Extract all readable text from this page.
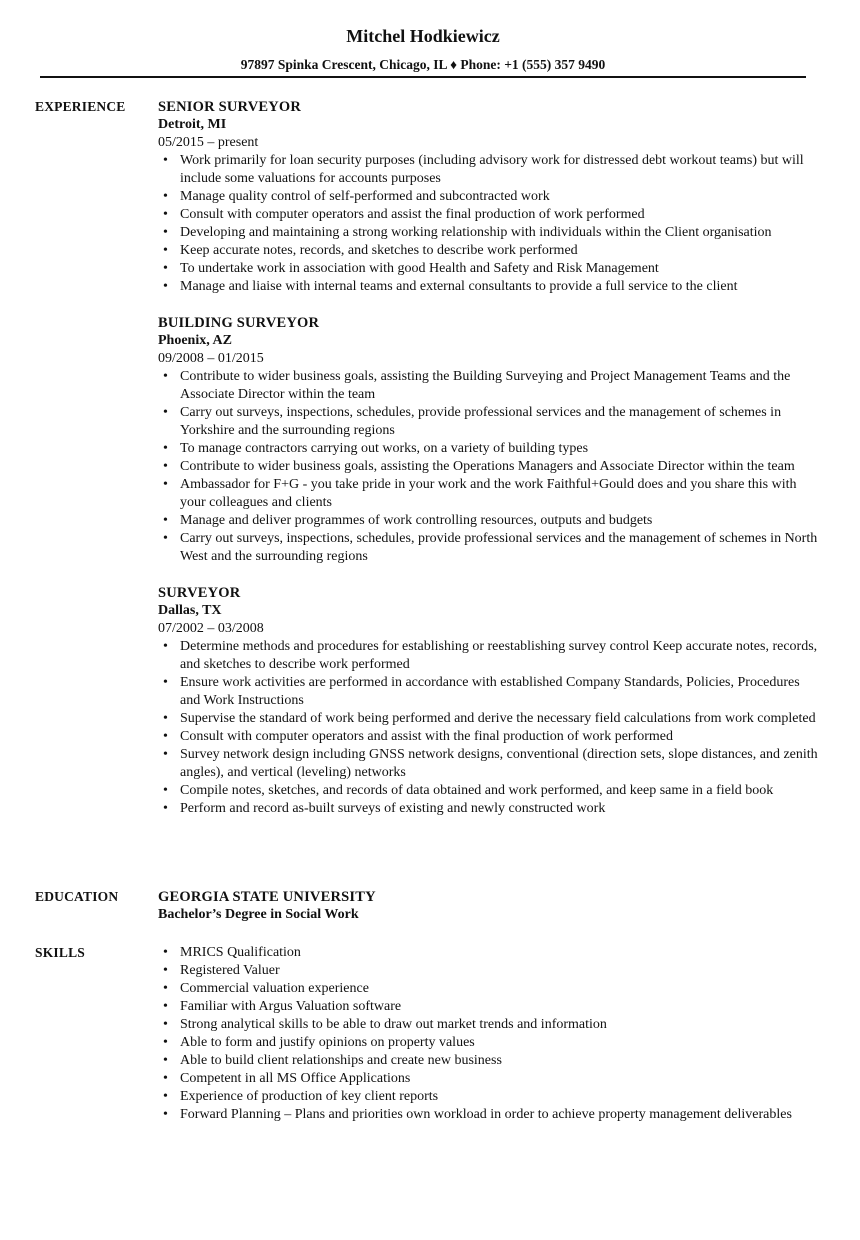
Mitchel Hodkiewicz
97897 Spinka Crescent, Chicago, IL ♦ Phone: +1 (555) 357 9490
EXPERIENCE	SENIOR SURVEYOR
Detroit, MI
05/2015 – present
• Work primarily for loan security purposes (including advisory work for distressed debt workout teams) but will include some valuations for accounts purposes
• Manage quality control of self-performed and subcontracted work
• Consult with computer operators and assist the final production of work performed
• Developing and maintaining a strong working relationship with individuals within the Client organisation
• Keep accurate notes, records, and sketches to describe work performed
• To undertake work in association with good Health and Safety and Risk Management
• Manage and liaise with internal teams and external consultants to provide a full service to the client
BUILDING SURVEYOR
Phoenix, AZ
09/2008 – 01/2015
• Contribute to wider business goals, assisting the Building Surveying and Project Management Teams and the Associate Director within the team
• Carry out surveys, inspections, schedules, provide professional services and the management of schemes in Yorkshire and the surrounding regions
• To manage contractors carrying out works, on a variety of building types
• Contribute to wider business goals, assisting the Operations Managers and Associate Director within the team
• Ambassador for F+G - you take pride in your work and the work Faithful+Gould does and you share this with your colleagues and clients
• Manage and deliver programmes of work controlling resources, outputs and budgets
• Carry out surveys, inspections, schedules, provide professional services and the management of schemes in North West and the surrounding regions
SURVEYOR
Dallas, TX
07/2002 – 03/2008
• Determine methods and procedures for establishing or reestablishing survey control Keep accurate notes, records, and sketches to describe work performed
• Ensure work activities are performed in accordance with established Company Standards, Policies, Procedures and Work Instructions
• Supervise the standard of work being performed and derive the necessary field calculations from work completed
• Consult with computer operators and assist with the final production of work performed
• Survey network design including GNSS network designs, conventional (direction sets, slope distances, and zenith angles), and vertical (leveling) networks
• Compile notes, sketches, and records of data obtained and work performed, and keep same in a field book
• Perform and record as-built surveys of existing and newly constructed work
EDUCATION	GEORGIA STATE UNIVERSITY
Bachelor’s Degree in Social Work
SKILLS	• MRICS Qualification
• Registered Valuer
• Commercial valuation experience
• Familiar with Argus Valuation software
• Strong analytical skills to be able to draw out market trends and information
• Able to form and justify opinions on property values
• Able to build client relationships and create new business
• Competent in all MS Office Applications
• Experience of production of key client reports
• Forward Planning – Plans and priorities own workload in order to achieve property management deliverables
